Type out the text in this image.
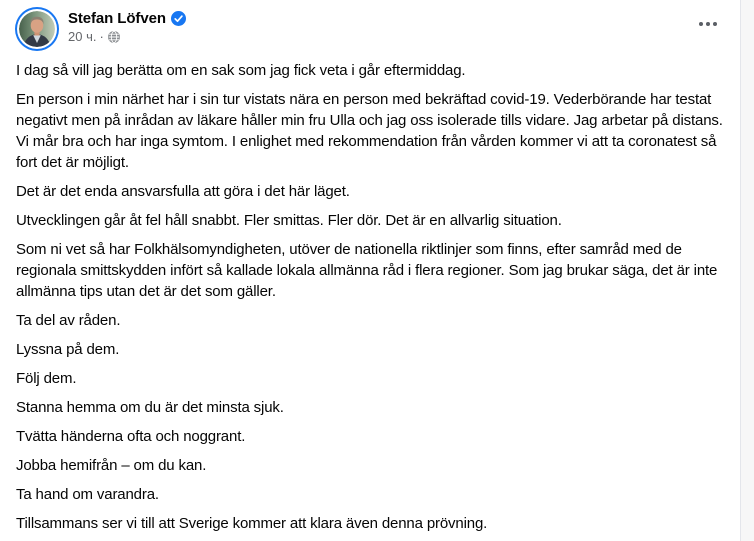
Stefan Löfven
20 ч. ·

I dag så vill jag berätta om en sak som jag fick veta i går eftermiddag.

En person i min närhet har i sin tur vistats nära en person med bekräftad covid-19. Vederbörande har testat negativt men på inrådan av läkare håller min fru Ulla och jag oss isolerade tills vidare. Jag arbetar på distans. Vi mår bra och har inga symtom. I enlighet med rekommendation från vården kommer vi att ta coronatest så fort det är möjligt.

Det är det enda ansvarsfulla att göra i det här läget.

Utvecklingen går åt fel håll snabbt. Fler smittas. Fler dör. Det är en allvarlig situation.

Som ni vet så har Folkhälsomyndigheten, utöver de nationella riktlinjer som finns, efter samråd med de regionala smittskydden infört så kallade lokala allmänna råd i flera regioner. Som jag brukar säga, det är inte allmänna tips utan det är det som gäller.

Ta del av råden.

Lyssna på dem.

Följ dem.

Stanna hemma om du är det minsta sjuk.

Tvätta händerna ofta och noggrant.

Jobba hemifrån – om du kan.

Ta hand om varandra.

Tillsammans ser vi till att Sverige kommer att klara även denna prövning.
